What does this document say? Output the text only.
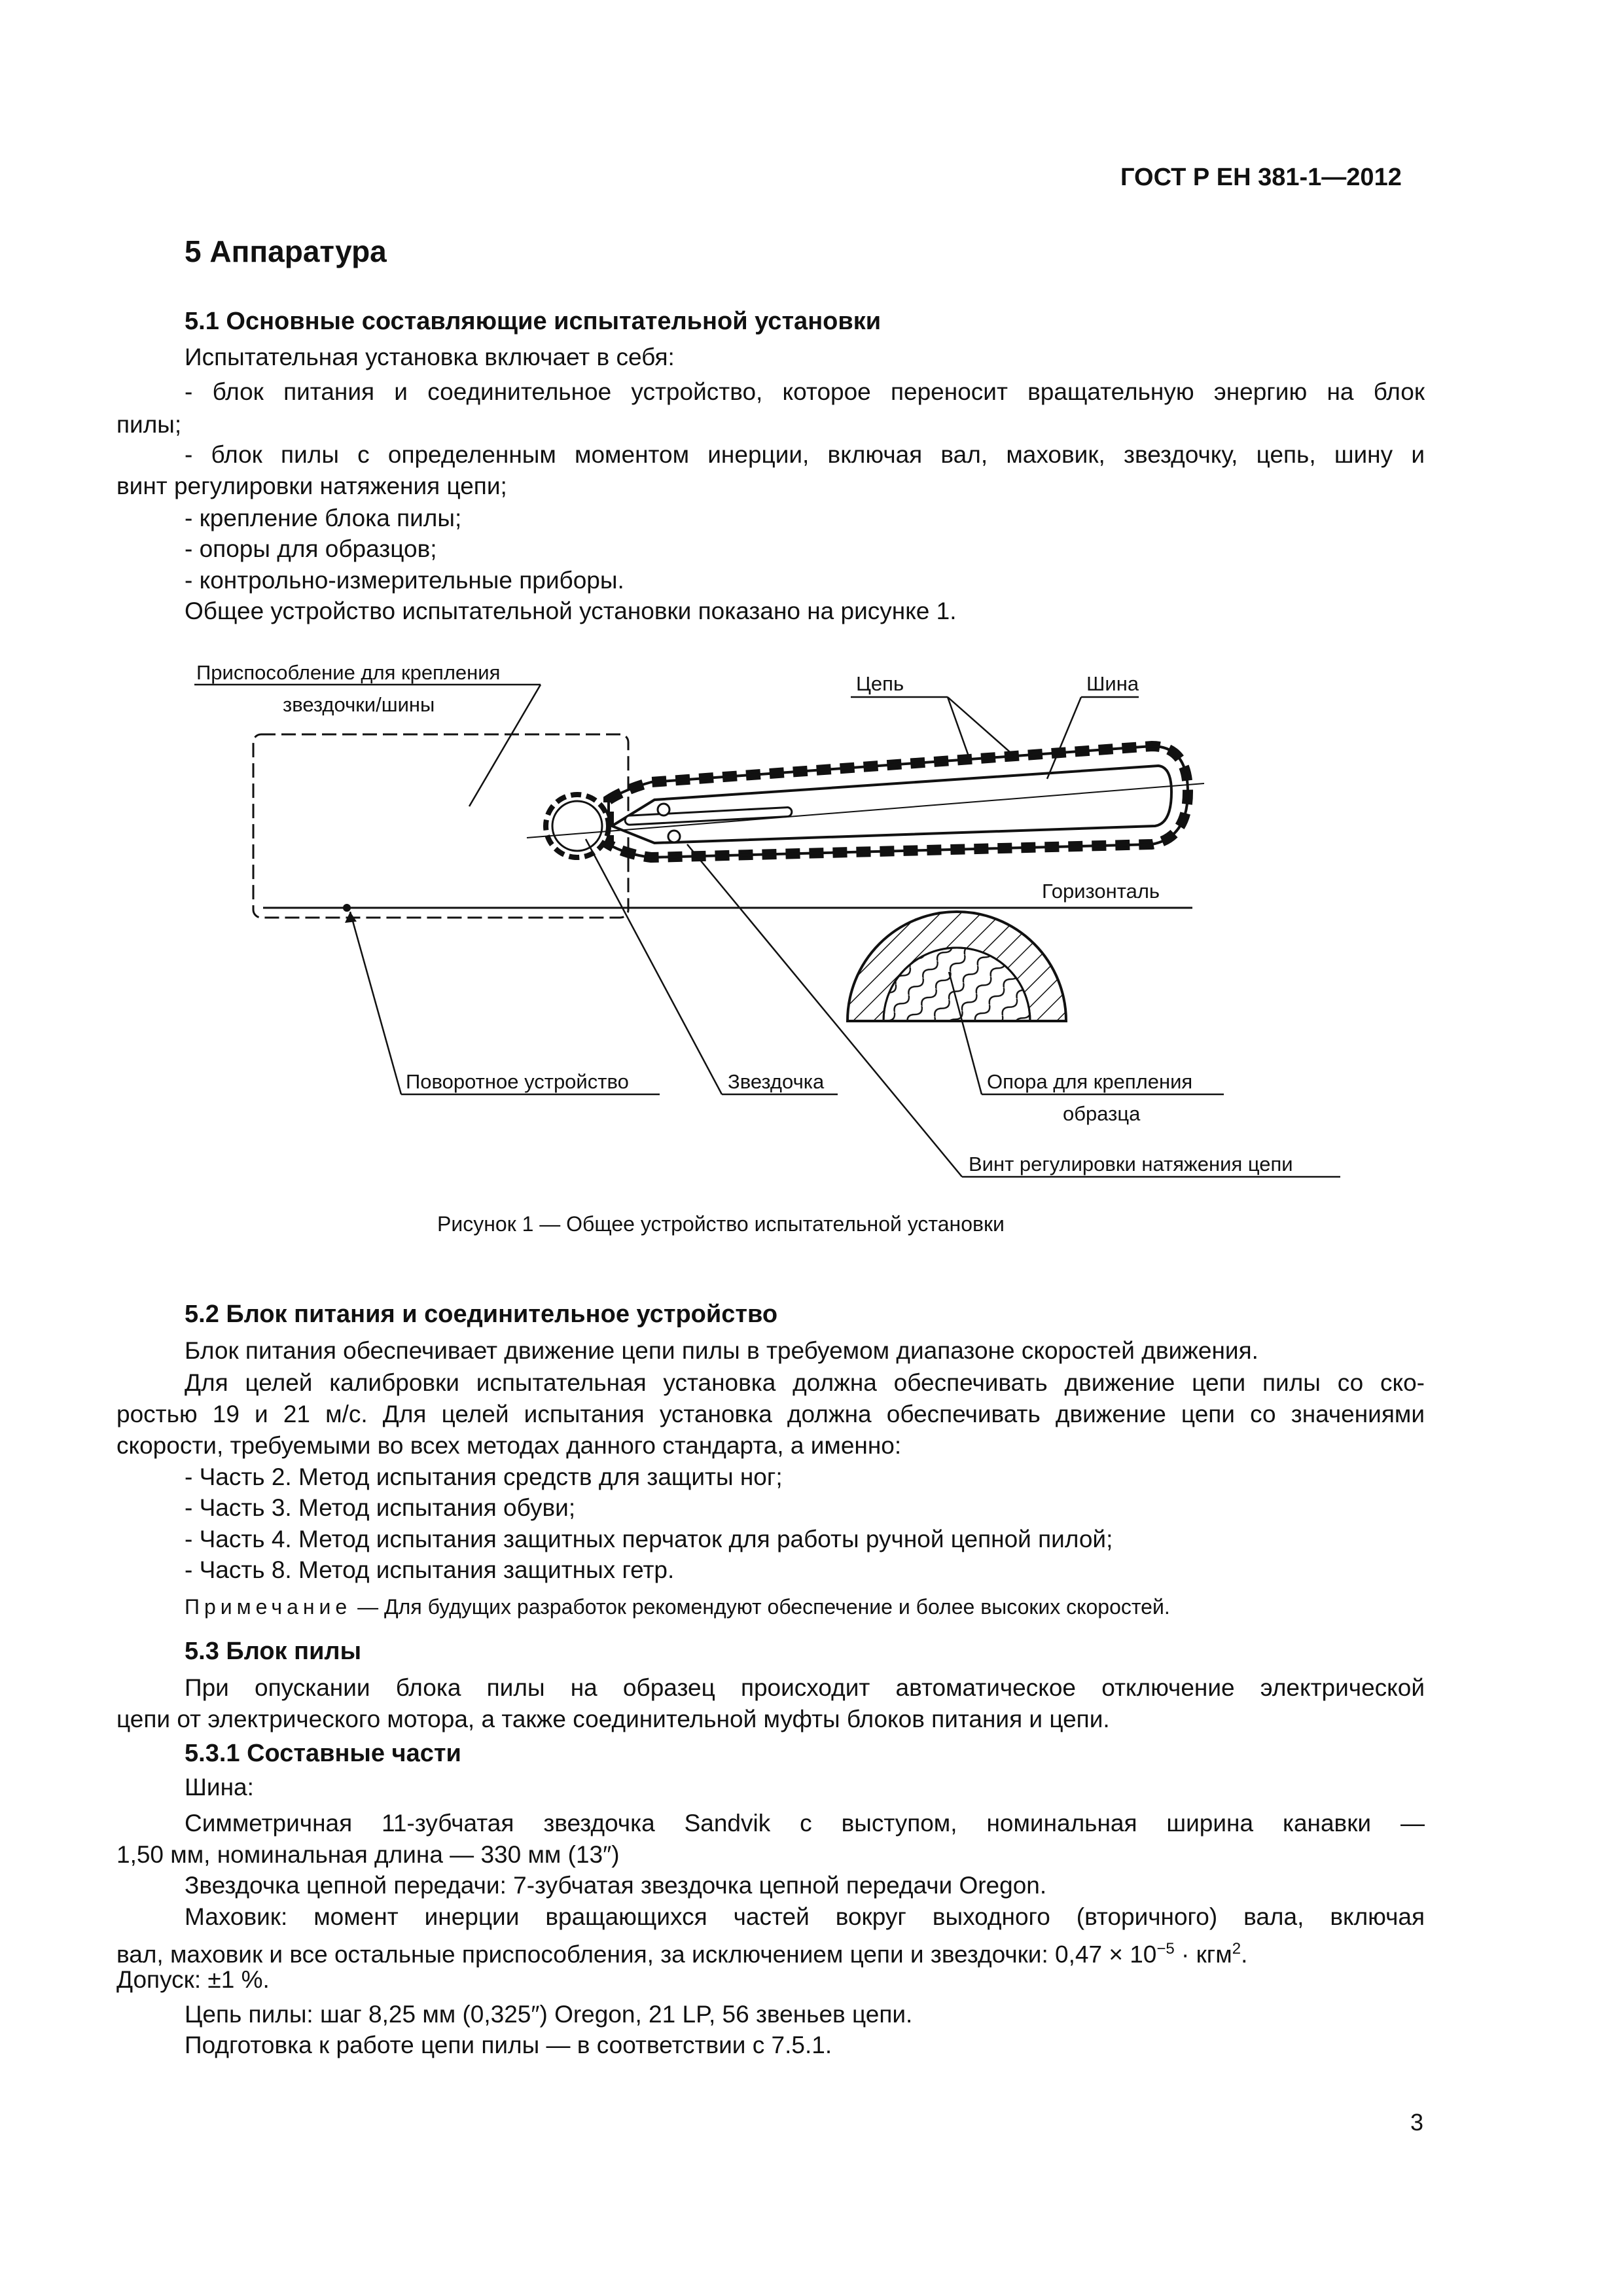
ГОСТ Р ЕН 381-1—2012
5 Аппаратура
5.1 Основные составляющие испытательной установки
Испытательная установка включает в себя:
- блок питания и соединительное устройство, которое переносит вращательную энергию на блок
пилы;
- блок пилы с определенным моментом инерции, включая вал, маховик, звездочку, цепь, шину и
винт регулировки натяжения цепи;
- крепление блока пилы;
- опоры для образцов;
- контрольно-измерительные приборы.
Общее устройство испытательной установки показано на рисунке 1.
Приспособление для крепления
звездочки/шины
Цепь	Шина
Горизонталь
Поворотное устройство	Звездочка	Опора для крепления
образца
Винт регулировки натяжения цепи
Рисунок 1 — Общее устройство испытательной установки
5.2 Блок питания и соединительное устройство
Блок питания обеспечивает движение цепи пилы в требуемом диапазоне скоростей движения.
Для целей калибровки испытательная установка должна обеспечивать движение цепи пилы со ско-
ростью 19 и 21 м/с. Для целей испытания установка должна обеспечивать движение цепи со значениями
скорости, требуемыми во всех методах данного стандарта, а именно:
- Часть 2. Метод испытания средств для защиты ног;
- Часть 3. Метод испытания обуви;
- Часть 4. Метод испытания защитных перчаток для работы ручной цепной пилой;
- Часть 8. Метод испытания защитных гетр.
Примечание — Для будущих разработок рекомендуют обеспечение и более высоких скоростей.
5.3 Блок пилы
При опускании блока пилы на образец происходит автоматическое отключение электрической
цепи от электрического мотора, а также соединительной муфты блоков питания и цепи.
5.3.1 Составные части
Шина:
Симметричная 11-зубчатая звездочка Sandvik с выступом, номинальная ширина канавки —
1,50 мм, номинальная длина — 330 мм (13″)
Звездочка цепной передачи: 7-зубчатая звездочка цепной передачи Oregon.
Маховик: момент инерции вращающихся частей вокруг выходного (вторичного) вала, включая
вал, маховик и все остальные приспособления, за исключением цепи и звездочки: $0,47 \times 10^{-5} \cdot кгм^2$.
Допуск: ±1 %.
Цепь пилы: шаг 8,25 мм (0,325″) Oregon, 21 LP, 56 звеньев цепи.
Подготовка к работе цепи пилы — в соответствии с 7.5.1.
3
